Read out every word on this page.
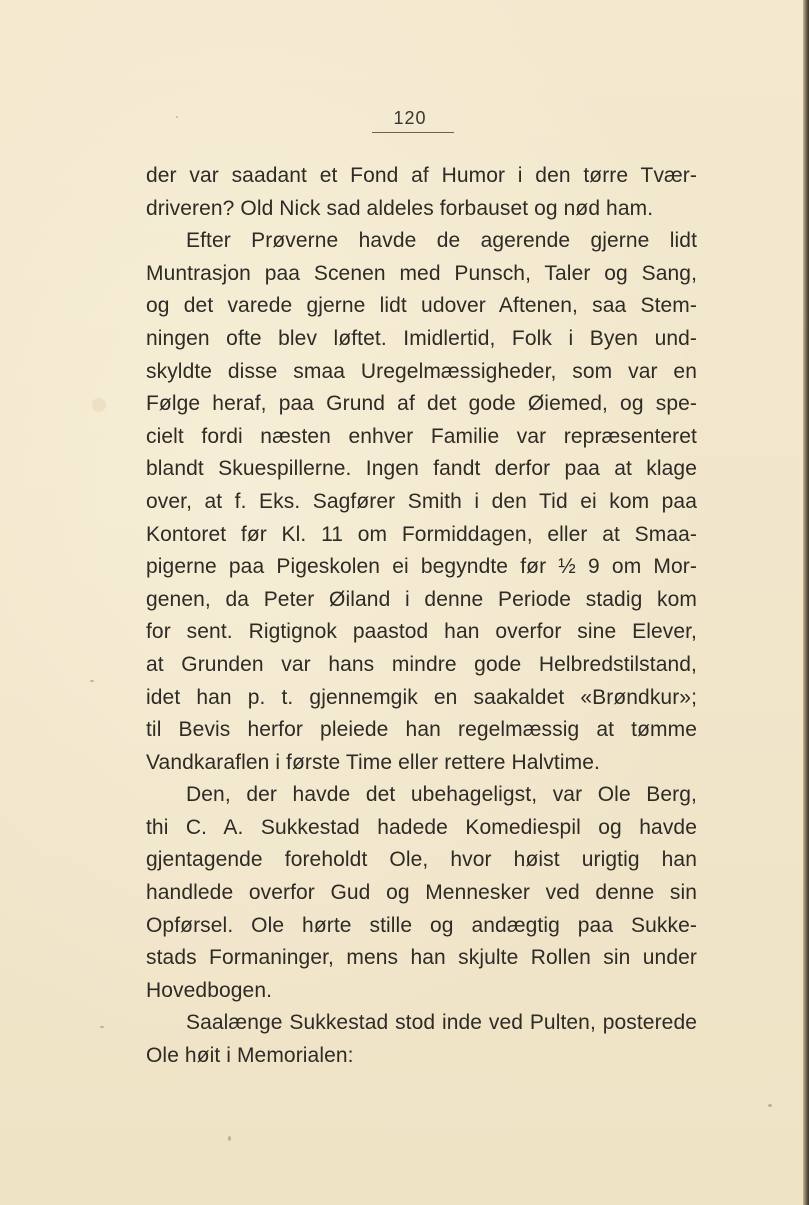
120
der var saadant et Fond af Humor i den tørre Tvær-
driveren? Old Nick sad aldeles forbauset og nød ham.
Efter Prøverne havde de agerende gjerne lidt
Muntrasjon paa Scenen med Punsch, Taler og Sang,
og det varede gjerne lidt udover Aftenen, saa Stem-
ningen ofte blev løftet. Imidlertid, Folk i Byen und-
skyldte disse smaa Uregelmæssigheder, som var en
Følge heraf, paa Grund af det gode Øiemed, og spe-
cielt fordi næsten enhver Familie var repræsenteret
blandt Skuespillerne. Ingen fandt derfor paa at klage
over, at f. Eks. Sagfører Smith i den Tid ei kom paa
Kontoret før Kl. 11 om Formiddagen, eller at Smaa-
pigerne paa Pigeskolen ei begyndte før ½ 9 om Mor-
genen, da Peter Øiland i denne Periode stadig kom
for sent. Rigtignok paastod han overfor sine Elever,
at Grunden var hans mindre gode Helbredstilstand,
idet han p. t. gjennemgik en saakaldet «Brøndkur»;
til Bevis herfor pleiede han regelmæssig at tømme
Vandkaraflen i første Time eller rettere Halvtime.
Den, der havde det ubehageligst, var Ole Berg,
thi C. A. Sukkestad hadede Komediespil og havde
gjentagende foreholdt Ole, hvor høist urigtig han
handlede overfor Gud og Mennesker ved denne sin
Opførsel. Ole hørte stille og andægtig paa Sukke-
stads Formaninger, mens han skjulte Rollen sin under
Hovedbogen.
Saalænge Sukkestad stod inde ved Pulten, posterede
Ole høit i Memorialen:
